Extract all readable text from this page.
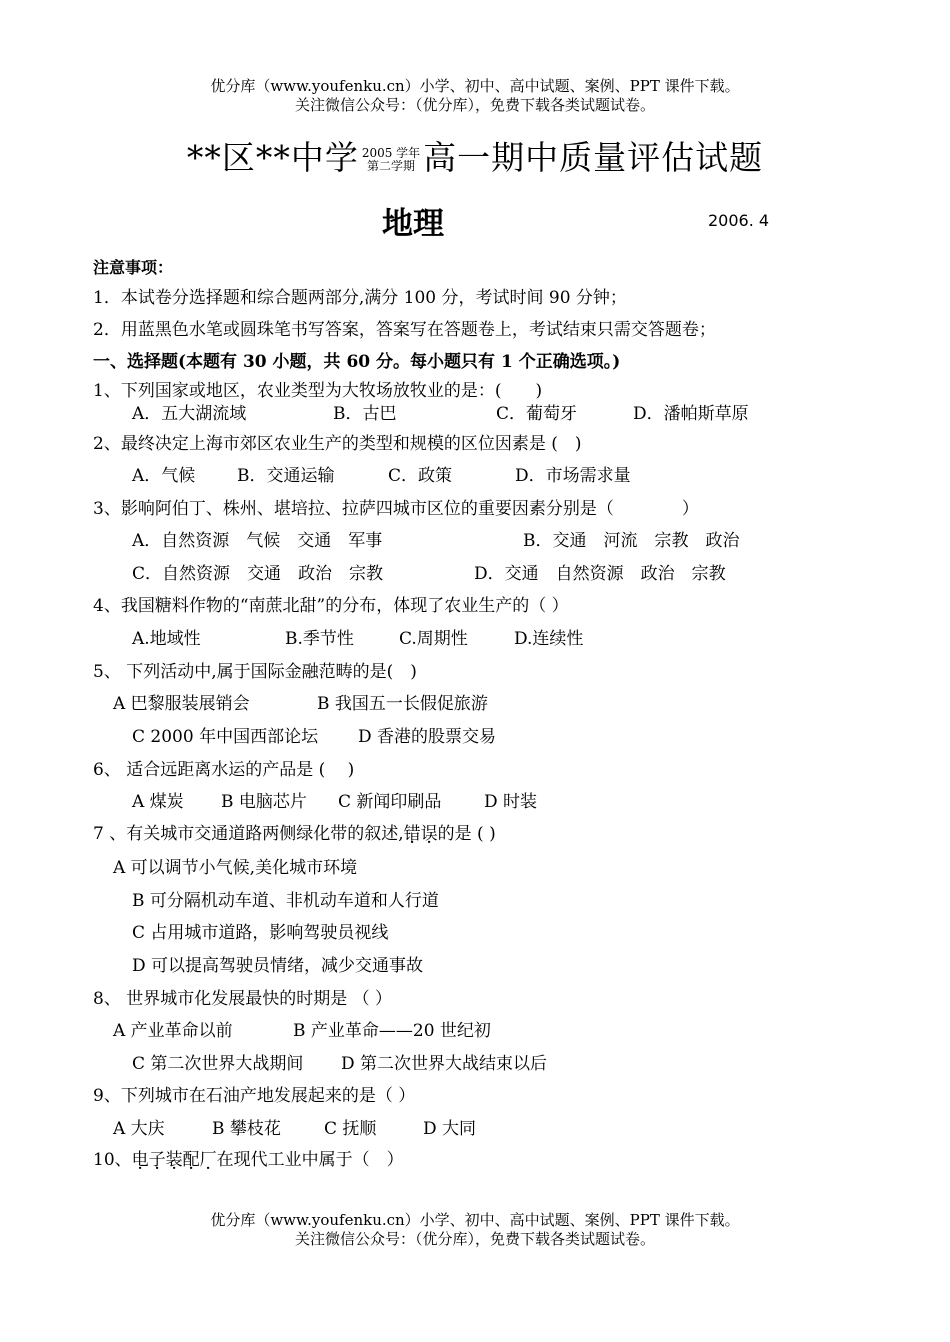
优分库（www.youfenku.cn）小学、初中、高中试题、案例、PPT 课件下载。
关注微信公众号：（优分库），免费下载各类试题试卷。
**区**中学 2005 学年
第二学期 高一期中质量评估试题
地理	2006. 4
注意事项：
1．本试卷分选择题和综合题两部分,满分 100 分，考试时间 90 分钟；
2．用蓝黑色水笔或圆珠笔书写答案，答案写在答题卷上，考试结束只需交答题卷；
一、选择题(本题有 30 小题，共 60 分。每小题只有 1 个正确选项。)
1、下列国家或地区，农业类型为大牧场放牧业的是：(　　)
A．五大湖流域	B．古巴	C．葡萄牙	D．潘帕斯草原
2、最终决定上海市郊区农业生产的类型和规模的区位因素是 (　)
A．气候 B．交通运输	C．政策	D．市场需求量
3、影响阿伯丁、株州、堪培拉、拉萨四城市区位的重要因素分别是（　　　　）
A．自然资源　气候　交通　军事	B．交通　河流　宗教　政治
C．自然资源　交通　政治　宗教	D．交通　自然资源　政治　宗教
4、我国糖料作物的“南蔗北甜”的分布，体现了农业生产的（ ）
A.地域性	B.季节性	C.周期性	D.连续性
5、 下列活动中,属于国际金融范畴的是(　)
A 巴黎服装展销会	B 我国五一长假促旅游
C 2000 年中国西部论坛 D 香港的股票交易
6、 适合远距离水运的产品是 (　 )
A 煤炭 B 电脑芯片 C 新闻印刷品	D 时装
7 、有关城市交通道路两侧绿化带的叙述,错误的是 ( )
A 可以调节小气候,美化城市环境
B 可分隔机动车道、非机动车道和人行道
C 占用城市道路，影响驾驶员视线
D 可以提高驾驶员情绪，减少交通事故
8、 世界城市化发展最快的时期是 （ ）
A 产业革命以前	B 产业革命——20 世纪初
C 第二次世界大战期间 D 第二次世界大战结束以后
9、下列城市在石油产地发展起来的是（ ）
A 大庆	B 攀枝花	C 抚顺	D 大同
10、电子装配厂在现代工业中属于（　）
优分库（www.youfenku.cn）小学、初中、高中试题、案例、PPT 课件下载。
关注微信公众号：（优分库），免费下载各类试题试卷。
